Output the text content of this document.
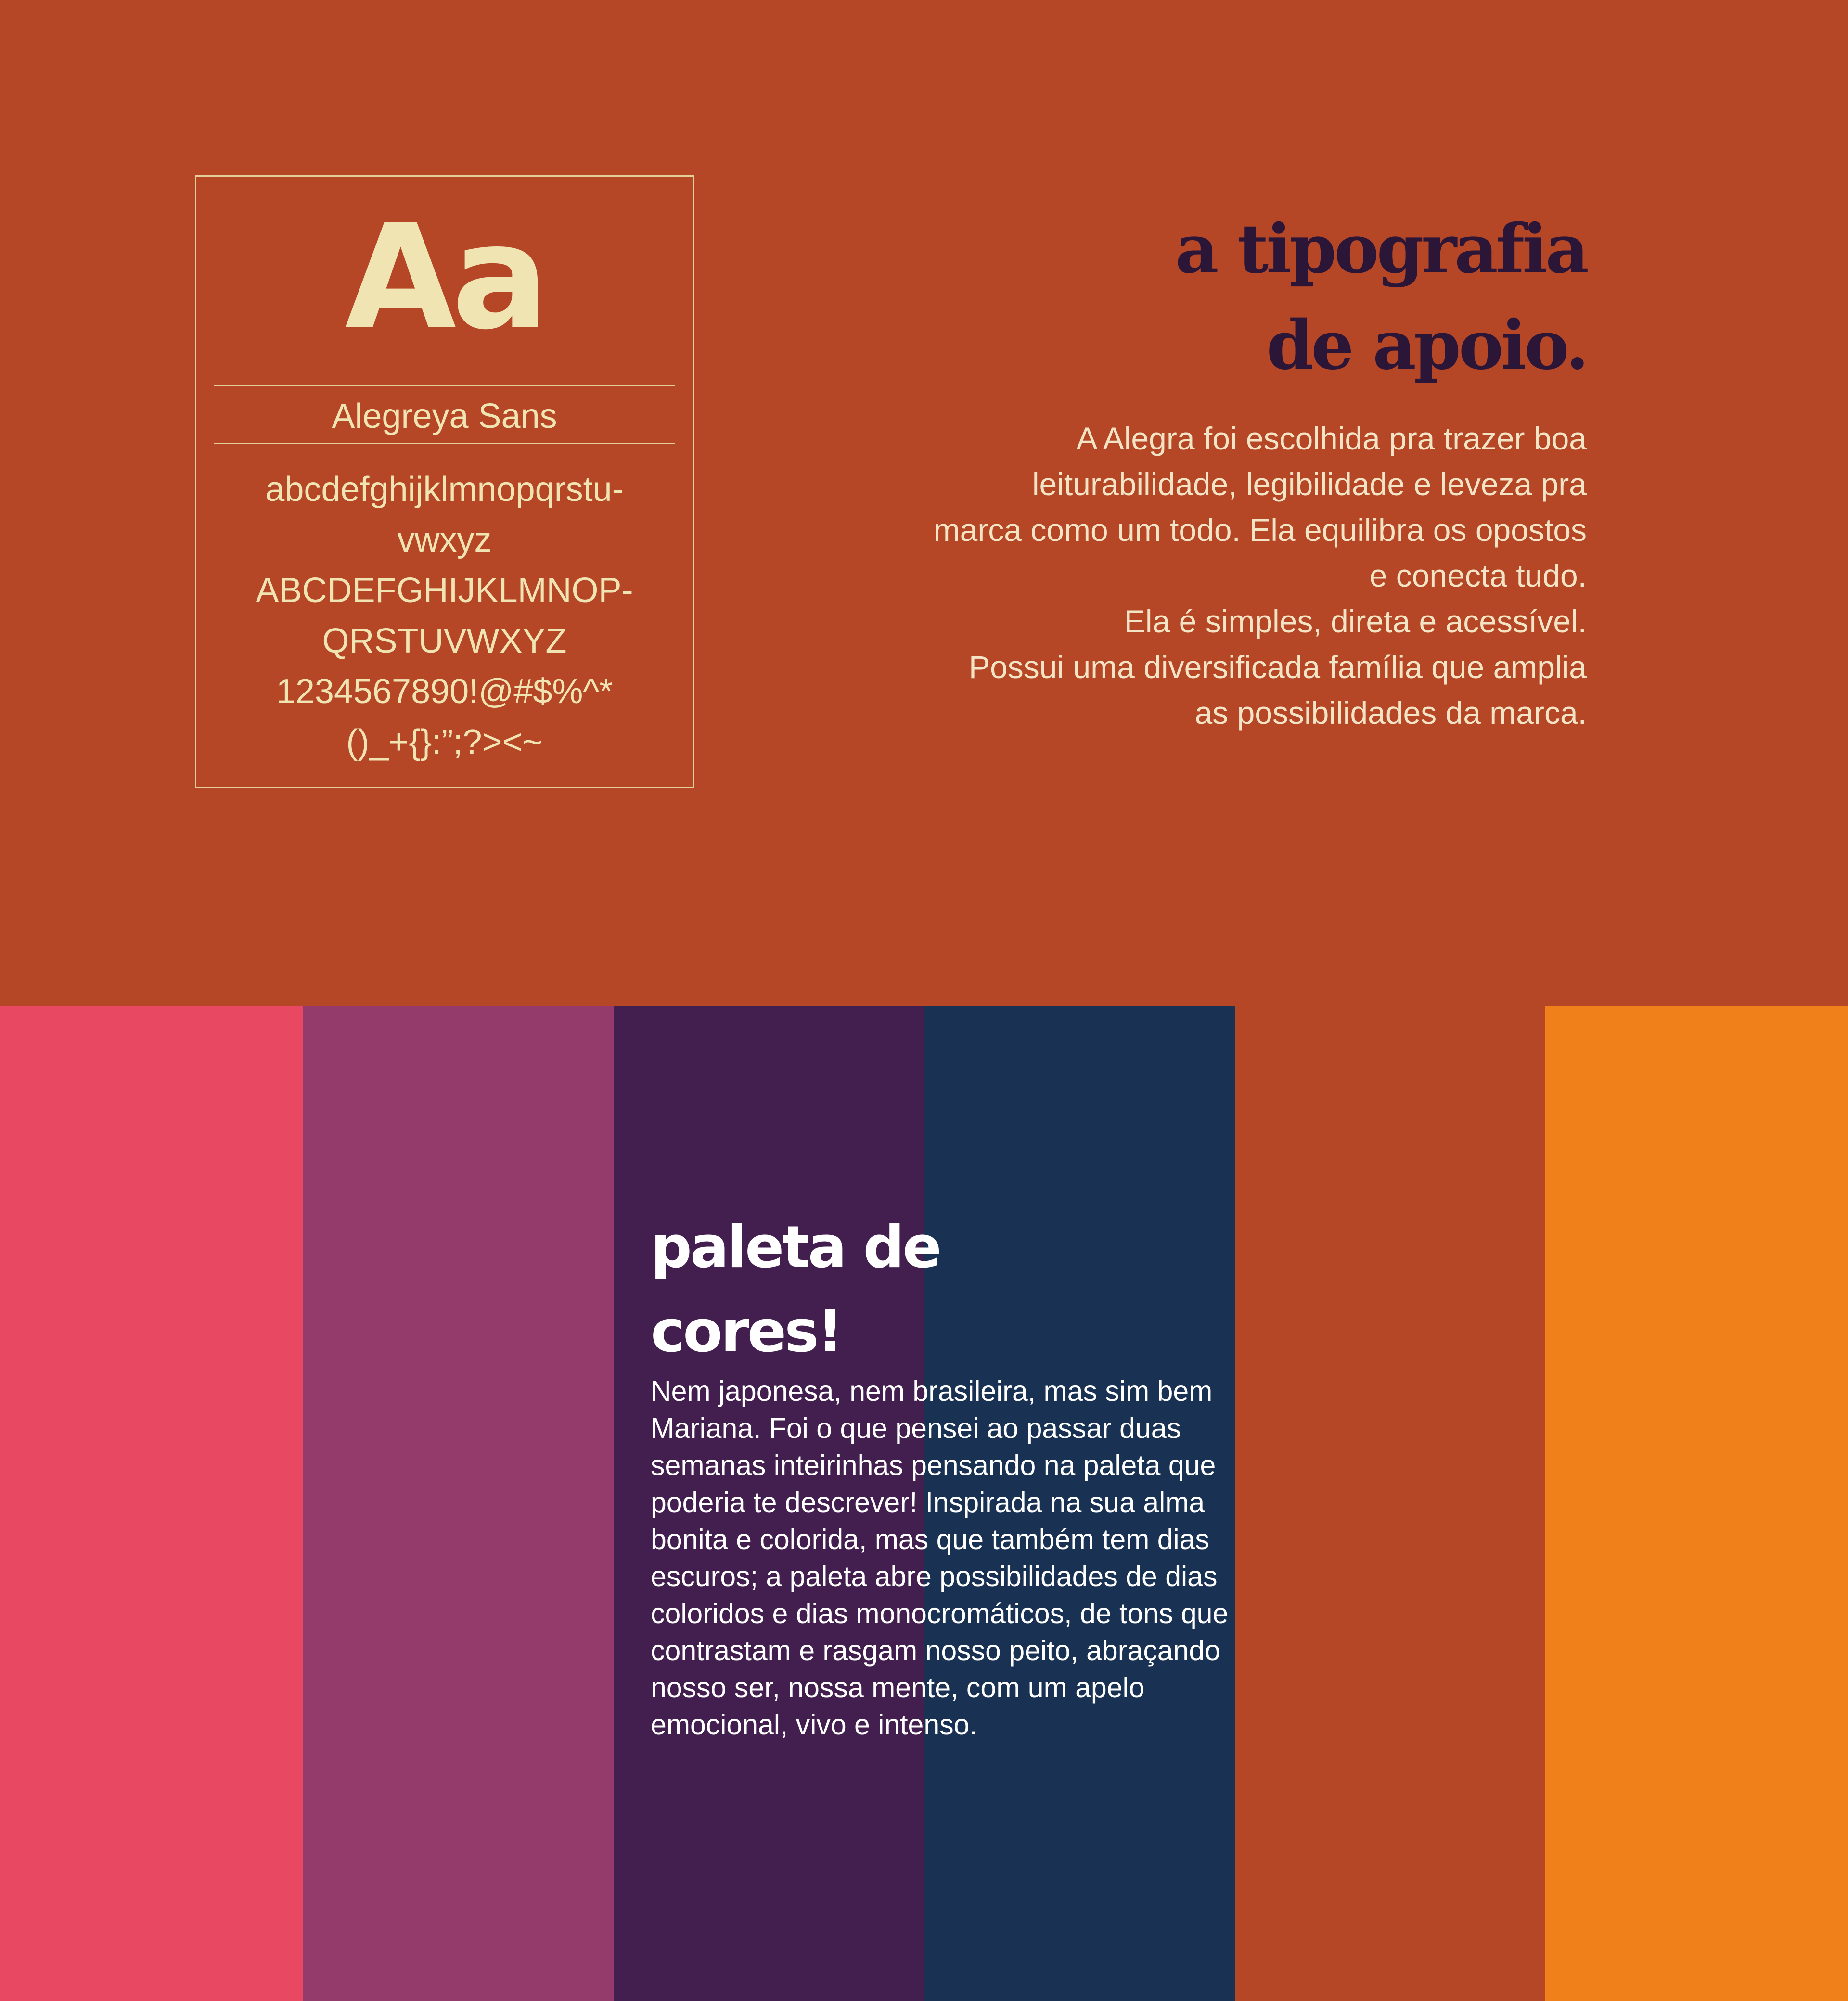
Aa
Alegreya Sans
abcdefghijklmnopqrstu-
vwxyz
ABCDEFGHIJKLMNOP-
QRSTUVWXYZ
1234567890!@#$%^*
()_+{}:”;?><~
a tipografia
de apoio.
A Alegra foi escolhida pra trazer boa
leiturabilidade, legibilidade e leveza pra
marca como um todo. Ela equilibra os opostos
e conecta tudo.
Ela é simples, direta e acessível.
Possui uma diversificada família que amplia
as possibilidades da marca.
paleta de
cores!
Nem japonesa, nem brasileira, mas sim bem
Mariana. Foi o que pensei ao passar duas
semanas inteirinhas pensando na paleta que
poderia te descrever! Inspirada na sua alma
bonita e colorida, mas que também tem dias
escuros; a paleta abre possibilidades de dias
coloridos e dias monocromáticos, de tons que
contrastam e rasgam nosso peito, abraçando
nosso ser, nossa mente, com um apelo
emocional, vivo e intenso.
